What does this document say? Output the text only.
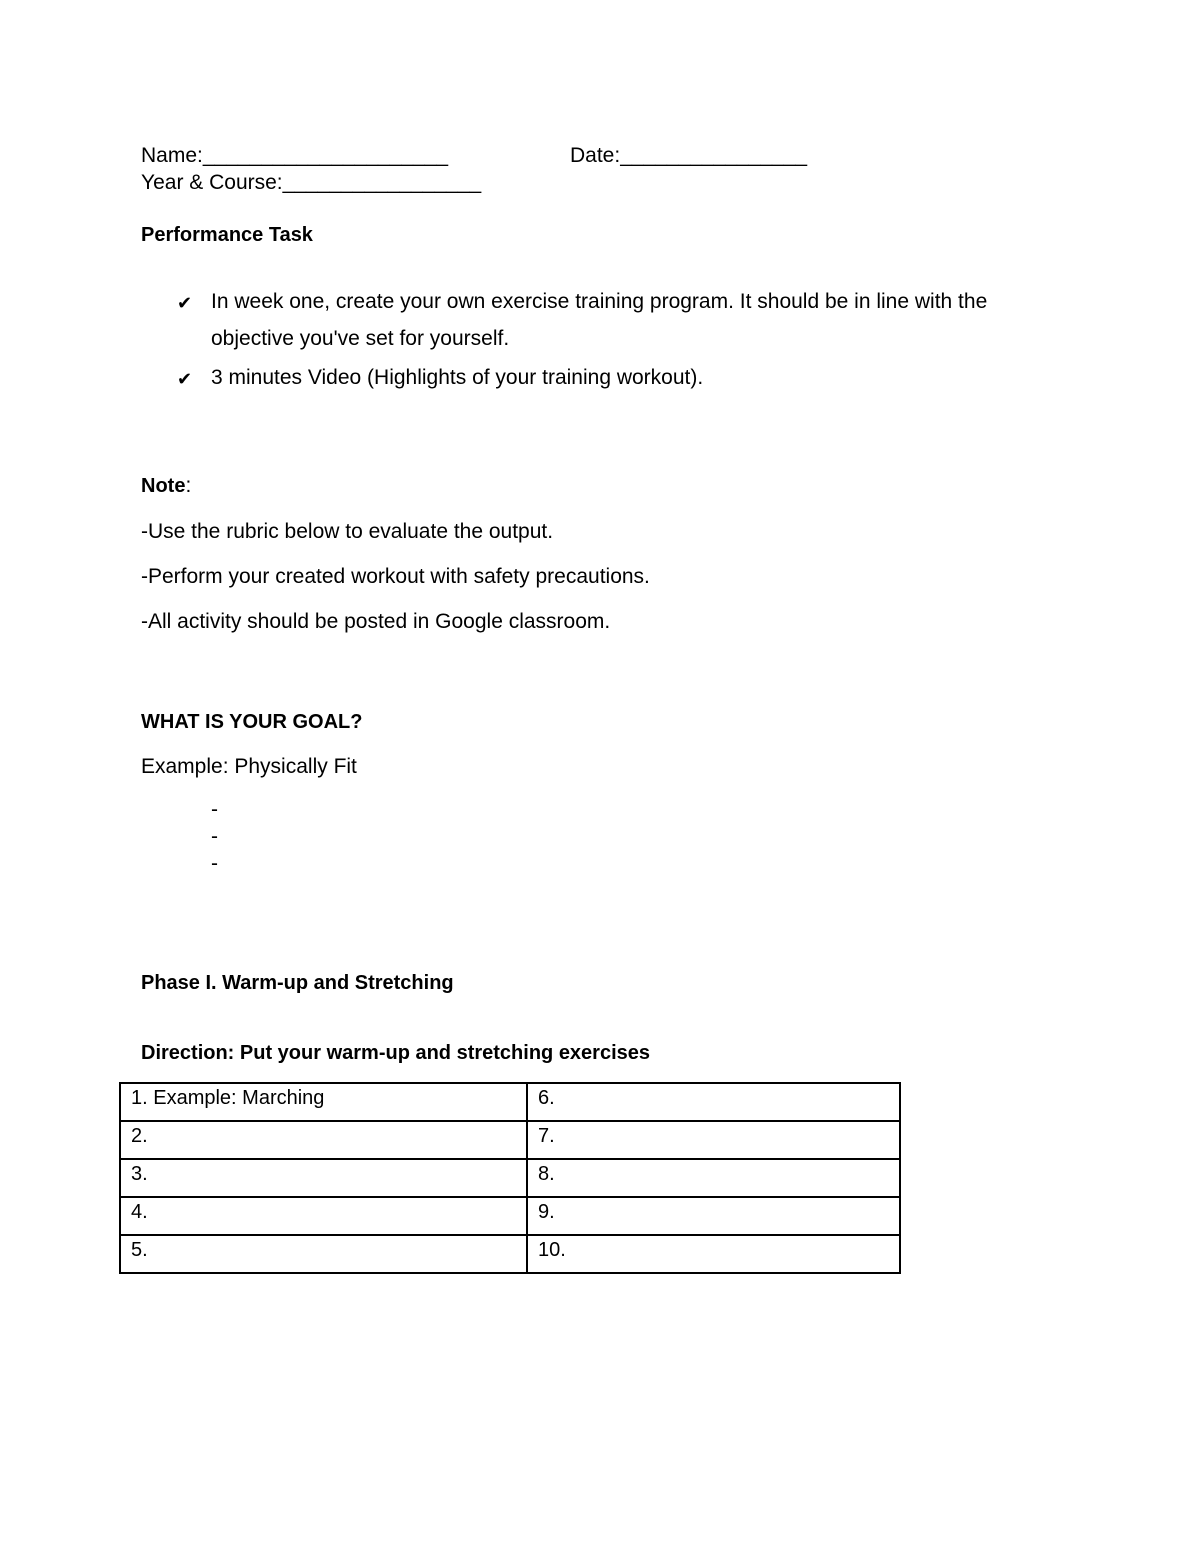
Name:_____________________	Date:________________
Year & Course:_________________
Performance Task
✔ In week one, create your own exercise training program. It should be in line with the objective you've set for yourself.
✔ 3 minutes Video (Highlights of your training workout).
Note:
-Use the rubric below to evaluate the output.
-Perform your created workout with safety precautions.
-All activity should be posted in Google classroom.
WHAT IS YOUR GOAL?
Example: Physically Fit
-
-
-
Phase I. Warm-up and Stretching
Direction: Put your warm-up and stretching exercises
1. Example: Marching	6.
2.	7.
3.	8.
4.	9.
5.	10.
